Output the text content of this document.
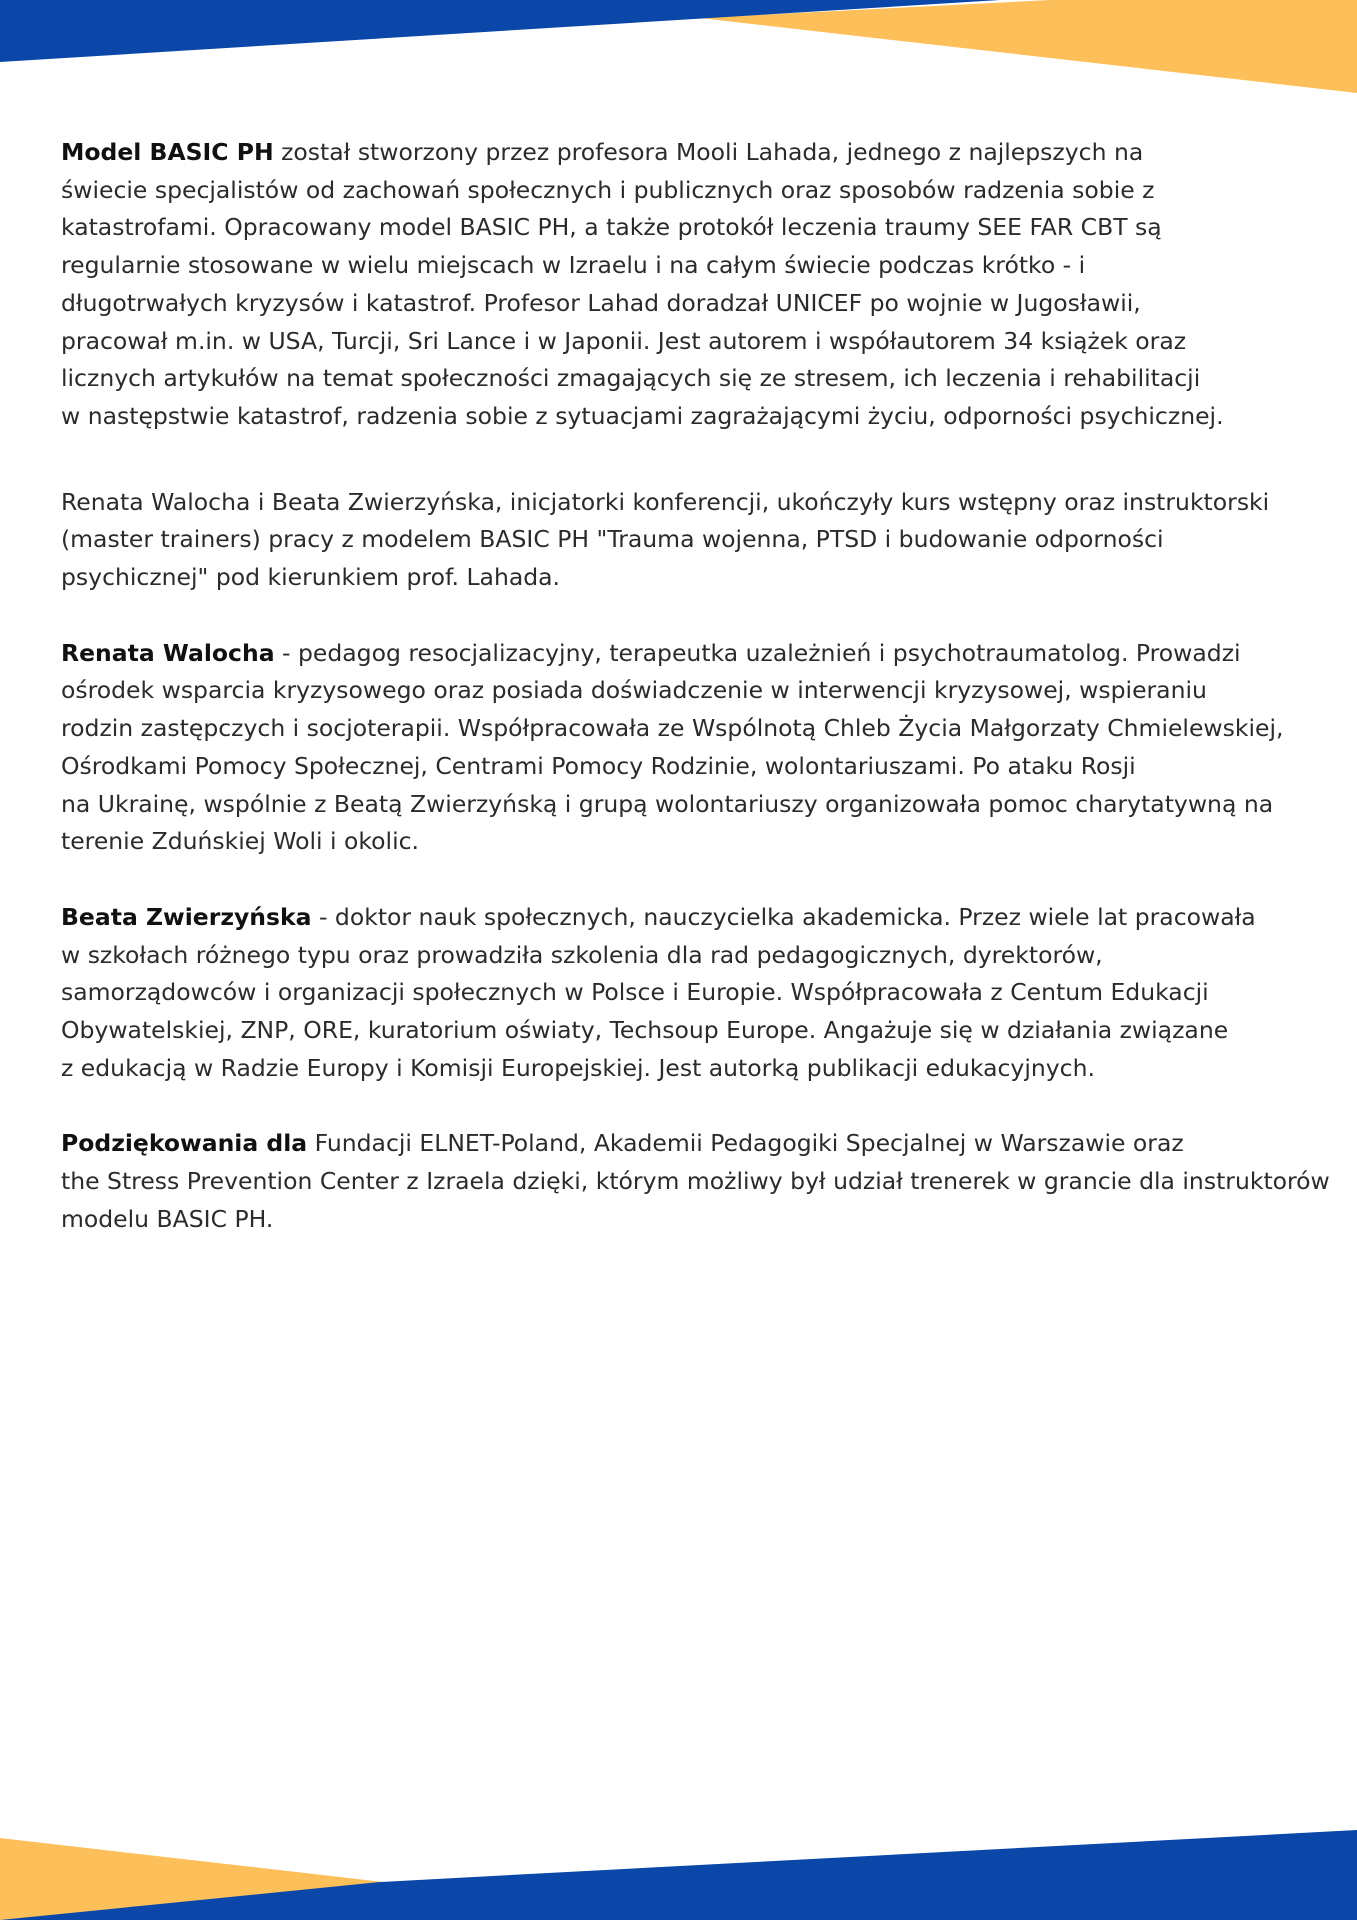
Model BASIC PH został stworzony przez profesora Mooli Lahada, jednego z najlepszych na
świecie specjalistów od zachowań społecznych i publicznych oraz sposobów radzenia sobie z
katastrofami. Opracowany model BASIC PH, a także protokół leczenia traumy SEE FAR CBT są
regularnie stosowane w wielu miejscach w Izraelu i na całym świecie podczas krótko - i
długotrwałych kryzysów i katastrof. Profesor Lahad doradzał UNICEF po wojnie w Jugosławii,
pracował m.in. w USA, Turcji, Sri Lance i w Japonii. Jest autorem i współautorem 34 książek oraz
licznych artykułów na temat społeczności zmagających się ze stresem, ich leczenia i rehabilitacji
w następstwie katastrof, radzenia sobie z sytuacjami zagrażającymi życiu, odporności psychicznej.

Renata Walocha i Beata Zwierzyńska, inicjatorki konferencji, ukończyły kurs wstępny oraz instruktorski
(master trainers) pracy z modelem BASIC PH "Trauma wojenna, PTSD i budowanie odporności
psychicznej" pod kierunkiem prof. Lahada.

Renata Walocha - pedagog resocjalizacyjny, terapeutka uzależnień i psychotraumatolog. Prowadzi
ośrodek wsparcia kryzysowego oraz posiada doświadczenie w interwencji kryzysowej, wspieraniu
rodzin zastępczych i socjoterapii. Współpracowała ze Wspólnotą Chleb Życia Małgorzaty Chmielewskiej,
Ośrodkami Pomocy Społecznej, Centrami Pomocy Rodzinie, wolontariuszami. Po ataku Rosji
na Ukrainę, wspólnie z Beatą Zwierzyńską i grupą wolontariuszy organizowała pomoc charytatywną na
terenie Zduńskiej Woli i okolic.

Beata Zwierzyńska - doktor nauk społecznych, nauczycielka akademicka. Przez wiele lat pracowała
w szkołach różnego typu oraz prowadziła szkolenia dla rad pedagogicznych, dyrektorów,
samorządowców i organizacji społecznych w Polsce i Europie. Współpracowała z Centum Edukacji
Obywatelskiej, ZNP, ORE, kuratorium oświaty, Techsoup Europe. Angażuje się w działania związane
z edukacją w Radzie Europy i Komisji Europejskiej. Jest autorką publikacji edukacyjnych.

Podziękowania dla Fundacji ELNET-Poland, Akademii Pedagogiki Specjalnej w Warszawie oraz
the Stress Prevention Center z Izraela dzięki, którym możliwy był udział trenerek w grancie dla instruktorów
modelu BASIC PH.
